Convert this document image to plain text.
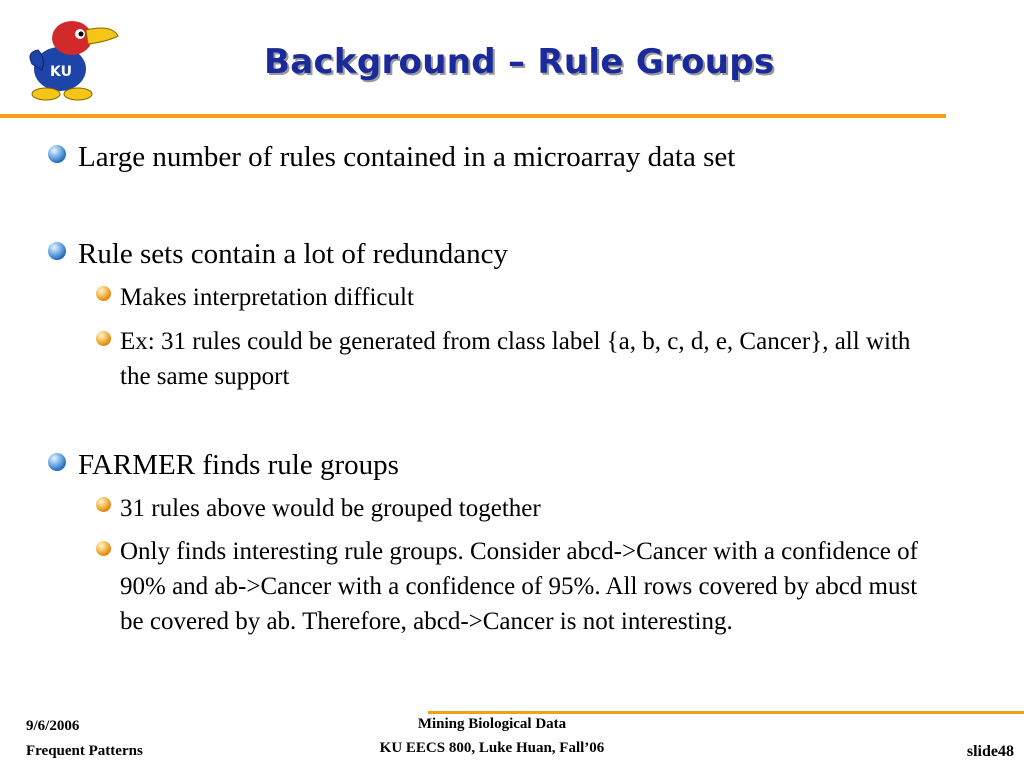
KU	Background – Rule Groups
Large number of rules contained in a microarray data set
Rule sets contain a lot of redundancy
Makes interpretation difficult
Ex: 31 rules could be generated from class label {a, b, c, d, e, Cancer}, all with the same support
FARMER finds rule groups
31 rules above would be grouped together
Only finds interesting rule groups. Consider abcd->Cancer with a confidence of 90% and ab->Cancer with a confidence of 95%. All rows covered by abcd must be covered by ab. Therefore, abcd->Cancer is not interesting.
9/6/2006
Frequent Patterns
Mining Biological Data
KU EECS 800, Luke Huan, Fall’06	slide48
